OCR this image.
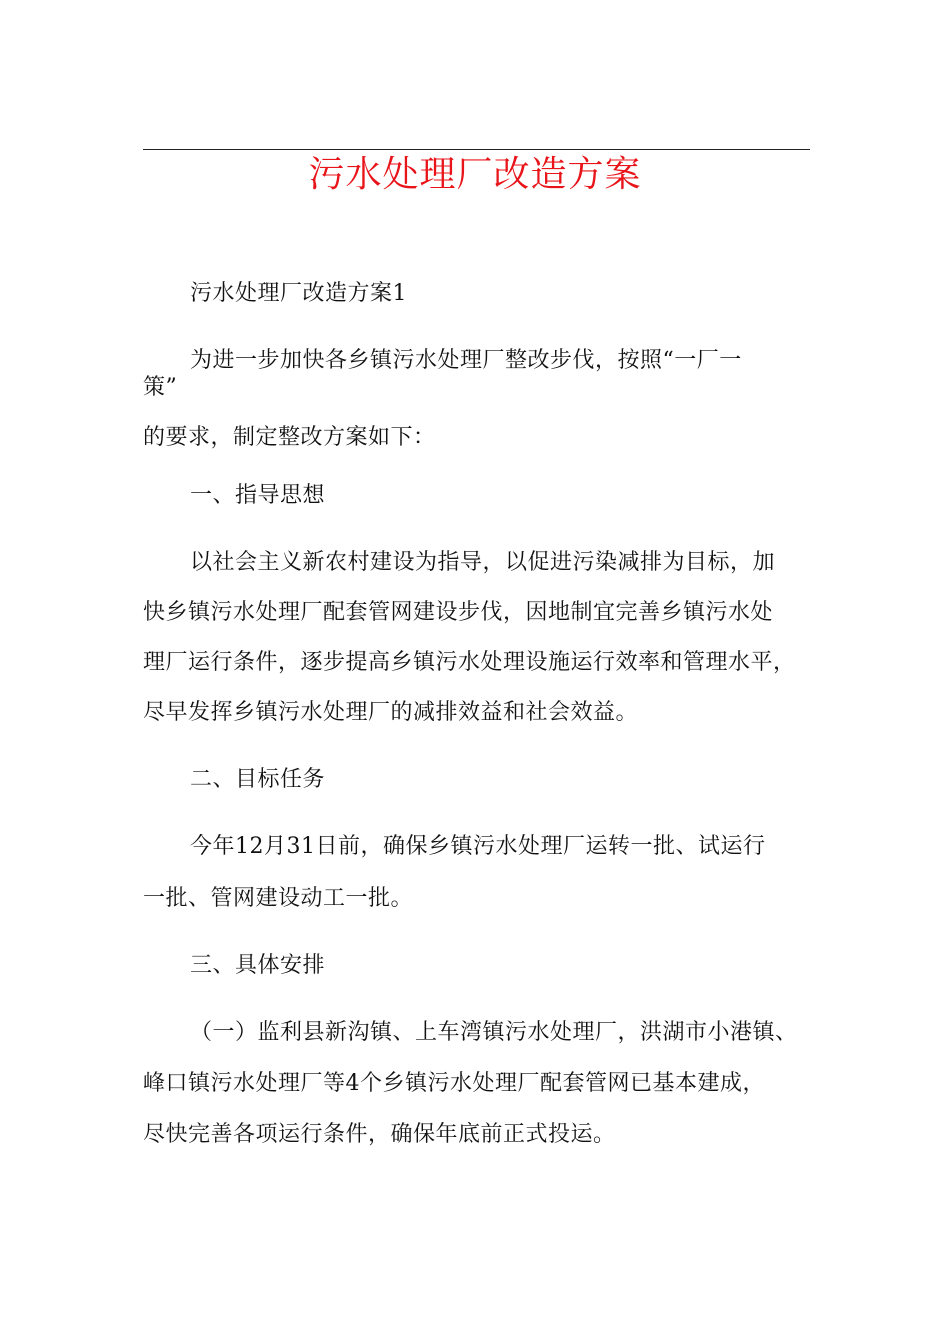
污水处理厂改造方案
污水处理厂改造方案1
为进一步加快各乡镇污水处理厂整改步伐，按照“一厂一
策”
的要求，制定整改方案如下：
一、指导思想
以社会主义新农村建设为指导，以促进污染减排为目标，加
快乡镇污水处理厂配套管网建设步伐，因地制宜完善乡镇污水处
理厂运行条件，逐步提高乡镇污水处理设施运行效率和管理水平，
尽早发挥乡镇污水处理厂的减排效益和社会效益。
二、目标任务
今年12月31日前，确保乡镇污水处理厂运转一批、试运行
一批、管网建设动工一批。
三、具体安排
（一）监利县新沟镇、上车湾镇污水处理厂，洪湖市小港镇、
峰口镇污水处理厂等4个乡镇污水处理厂配套管网已基本建成，
尽快完善各项运行条件，确保年底前正式投运。
